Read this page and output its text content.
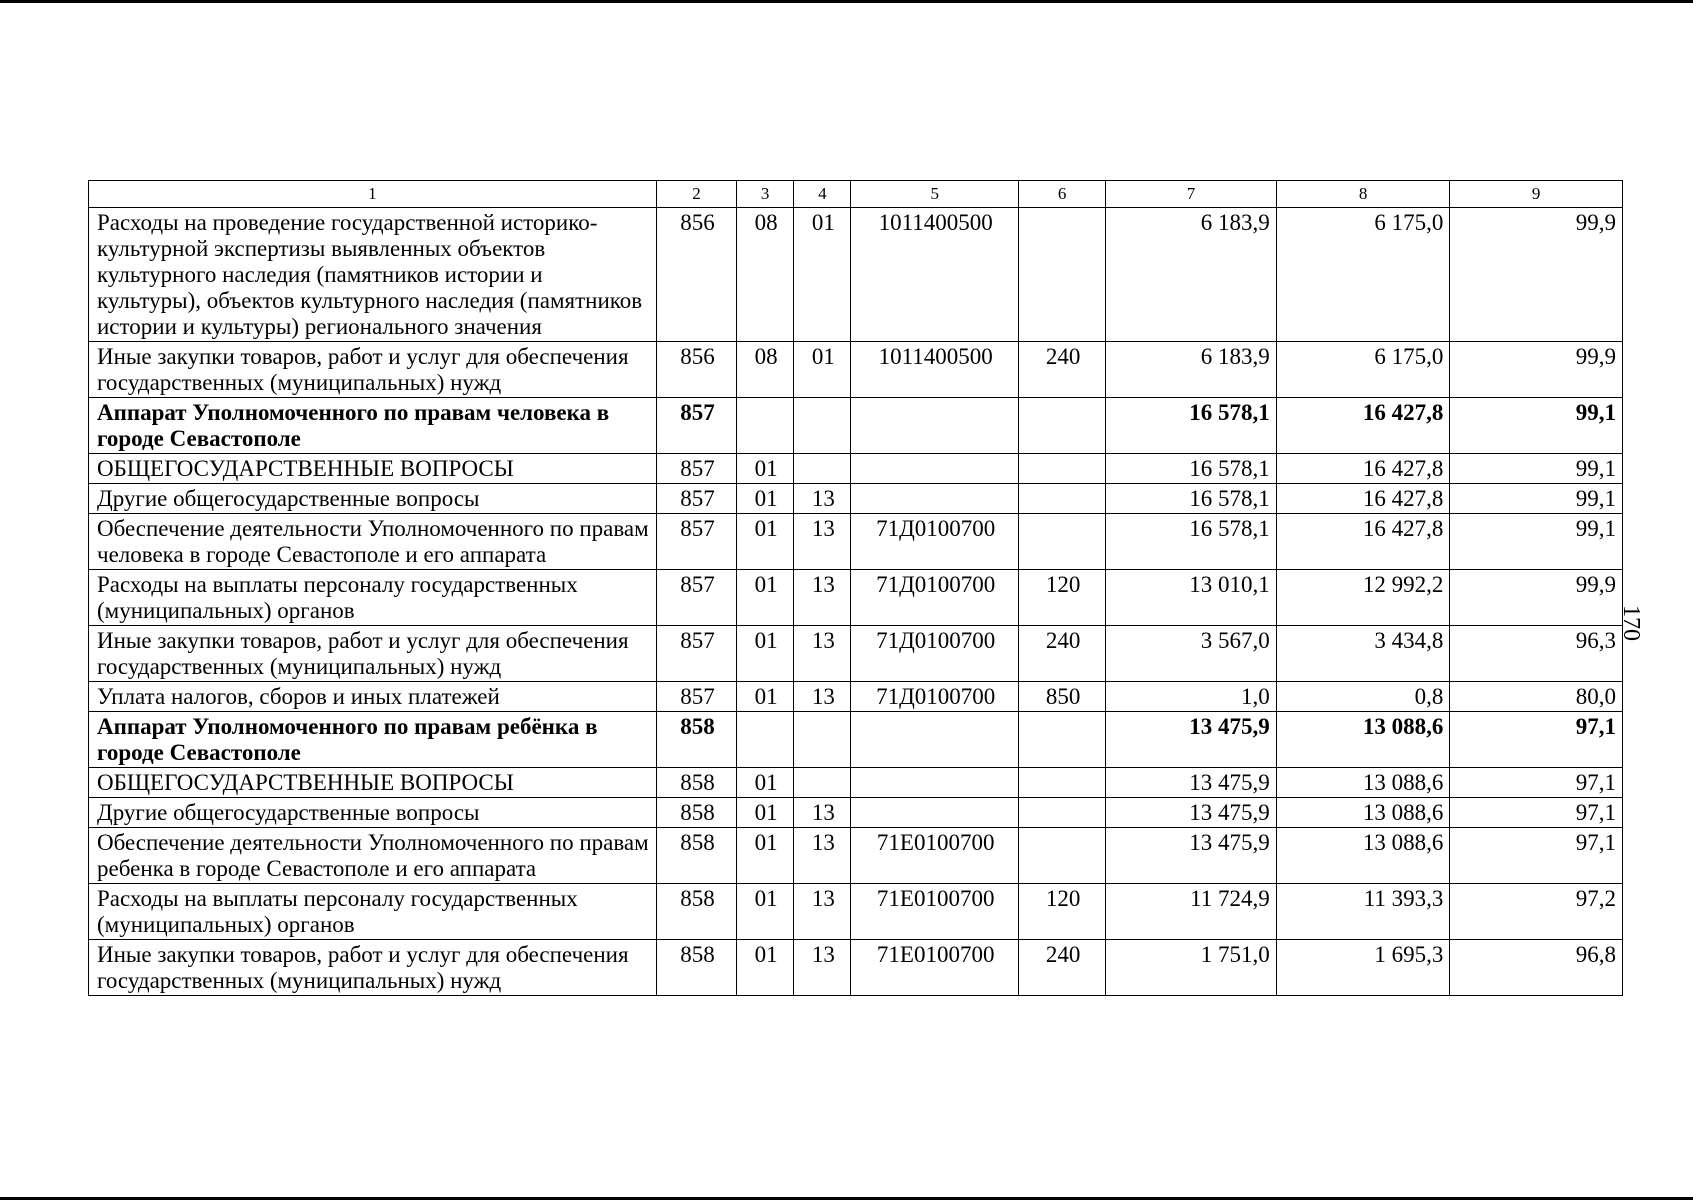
1	2	3	4	5	6	7	8	9
Расходы на проведение государственной историко-культурной экспертизы выявленных объектов культурного наследия (памятников истории и культуры), объектов культурного наследия (памятников истории и культуры) регионального значения	856	08	01	1011400500		6 183,9	6 175,0	99,9
Иные закупки товаров, работ и услуг для обеспечения государственных (муниципальных) нужд	856	08	01	1011400500	240	6 183,9	6 175,0	99,9
Аппарат Уполномоченного по правам человека в городе Севастополе	857					16 578,1	16 427,8	99,1
ОБЩЕГОСУДАРСТВЕННЫЕ ВОПРОСЫ	857	01				16 578,1	16 427,8	99,1
Другие общегосударственные вопросы	857	01	13			16 578,1	16 427,8	99,1
Обеспечение деятельности Уполномоченного по правам человека в городе Севастополе и его аппарата	857	01	13	71Д0100700		16 578,1	16 427,8	99,1
Расходы на выплаты персоналу государственных (муниципальных) органов	857	01	13	71Д0100700	120	13 010,1	12 992,2	99,9
Иные закупки товаров, работ и услуг для обеспечения государственных (муниципальных) нужд	857	01	13	71Д0100700	240	3 567,0	3 434,8	96,3
Уплата налогов, сборов и иных платежей	857	01	13	71Д0100700	850	1,0	0,8	80,0
Аппарат Уполномоченного по правам ребёнка в городе Севастополе	858					13 475,9	13 088,6	97,1
ОБЩЕГОСУДАРСТВЕННЫЕ ВОПРОСЫ	858	01				13 475,9	13 088,6	97,1
Другие общегосударственные вопросы	858	01	13			13 475,9	13 088,6	97,1
Обеспечение деятельности Уполномоченного по правам ребенка в городе Севастополе и его аппарата	858	01	13	71Е0100700		13 475,9	13 088,6	97,1
Расходы на выплаты персоналу государственных (муниципальных) органов	858	01	13	71Е0100700	120	11 724,9	11 393,3	97,2
Иные закупки товаров, работ и услуг для обеспечения государственных (муниципальных) нужд	858	01	13	71Е0100700	240	1 751,0	1 695,3	96,8
170
